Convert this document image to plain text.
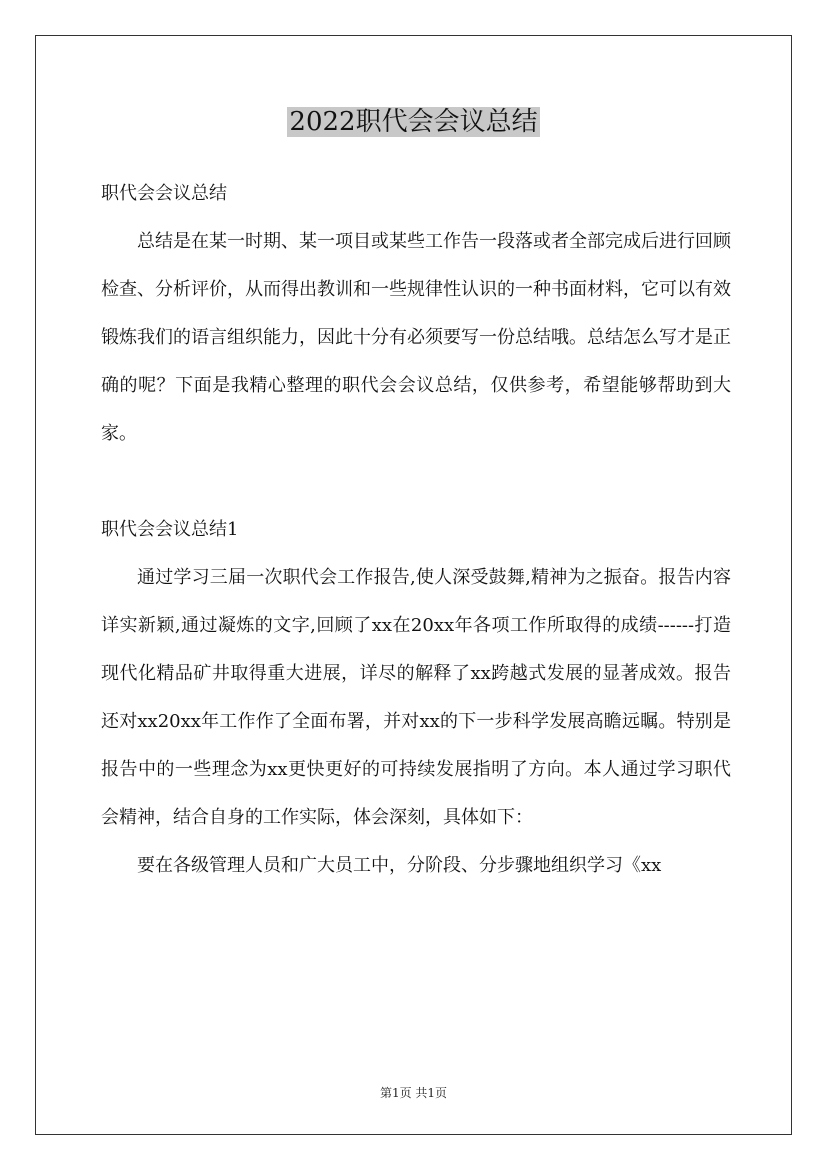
2022职代会会议总结

职代会会议总结

总结是在某一时期、某一项目或某些工作告一段落或者全部完成后进行回顾检查、分析评价，从而得出教训和一些规律性认识的一种书面材料，它可以有效锻炼我们的语言组织能力，因此十分有必须要写一份总结哦。总结怎么写才是正确的呢？下面是我精心整理的职代会会议总结，仅供参考，希望能够帮助到大家。

职代会会议总结1

通过学习三届一次职代会工作报告,使人深受鼓舞,精神为之振奋。报告内容详实新颖,通过凝炼的文字,回顾了xx在20xx年各项工作所取得的成绩------打造现代化精品矿井取得重大进展，详尽的解释了xx跨越式发展的显著成效。报告还对xx20xx年工作作了全面布署，并对xx的下一步科学发展高瞻远瞩。特别是报告中的一些理念为xx更快更好的可持续发展指明了方向。本人通过学习职代会精神，结合自身的工作实际，体会深刻，具体如下：

要在各级管理人员和广大员工中，分阶段、分步骤地组织学习《xx

第1页 共1页
